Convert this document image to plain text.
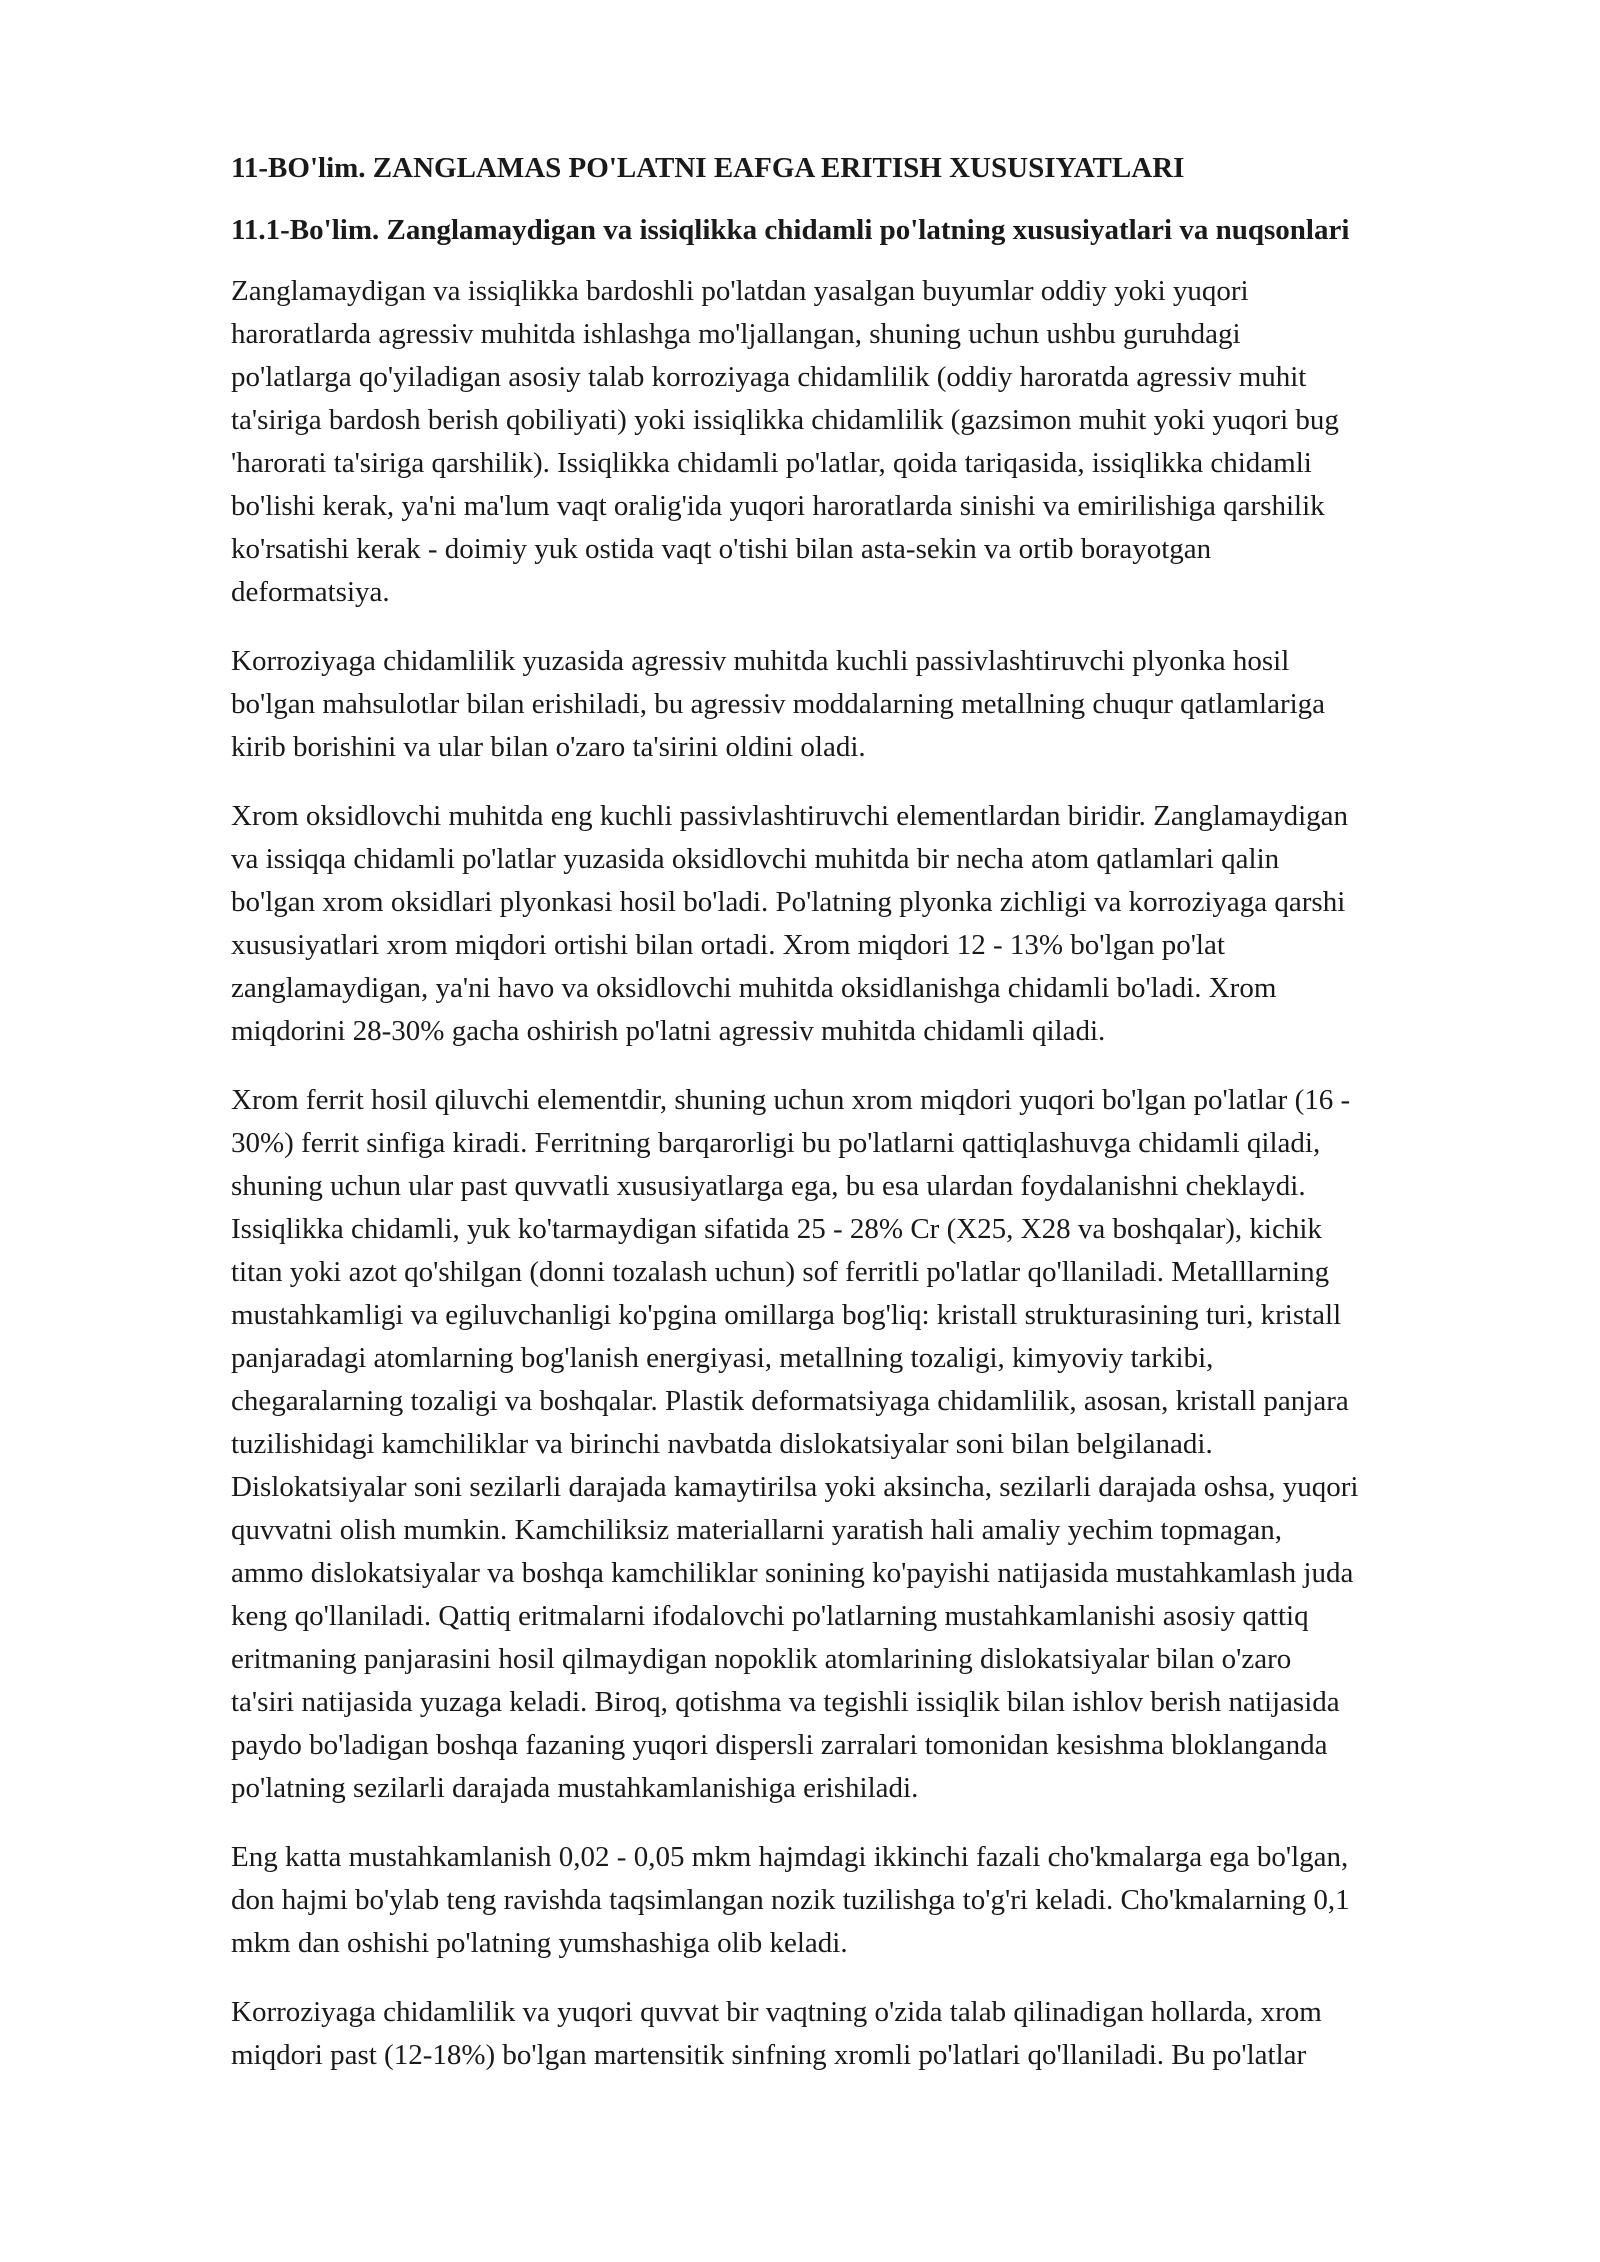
11-BO'lim. ZANGLAMAS PO'LATNI EAFGA ERITISH XUSUSIYATLARI
11.1-Bo'lim. Zanglamaydigan va issiqlikka chidamli po'latning xususiyatlari va nuqsonlari
Zanglamaydigan va issiqlikka bardoshli po'latdan yasalgan buyumlar oddiy yoki yuqori
haroratlarda agressiv muhitda ishlashga mo'ljallangan, shuning uchun ushbu guruhdagi
po'latlarga qo'yiladigan asosiy talab korroziyaga chidamlilik (oddiy haroratda agressiv muhit
ta'siriga bardosh berish qobiliyati) yoki issiqlikka chidamlilik (gazsimon muhit yoki yuqori bug
'harorati ta'siriga qarshilik). Issiqlikka chidamli po'latlar, qoida tariqasida, issiqlikka chidamli
bo'lishi kerak, ya'ni ma'lum vaqt oralig'ida yuqori haroratlarda sinishi va emirilishiga qarshilik
ko'rsatishi kerak - doimiy yuk ostida vaqt o'tishi bilan asta-sekin va ortib borayotgan
deformatsiya.
Korroziyaga chidamlilik yuzasida agressiv muhitda kuchli passivlashtiruvchi plyonka hosil
bo'lgan mahsulotlar bilan erishiladi, bu agressiv moddalarning metallning chuqur qatlamlariga
kirib borishini va ular bilan o'zaro ta'sirini oldini oladi.
Xrom oksidlovchi muhitda eng kuchli passivlashtiruvchi elementlardan biridir. Zanglamaydigan
va issiqqa chidamli po'latlar yuzasida oksidlovchi muhitda bir necha atom qatlamlari qalin
bo'lgan xrom oksidlari plyonkasi hosil bo'ladi. Po'latning plyonka zichligi va korroziyaga qarshi
xususiyatlari xrom miqdori ortishi bilan ortadi. Xrom miqdori 12 - 13% bo'lgan po'lat
zanglamaydigan, ya'ni havo va oksidlovchi muhitda oksidlanishga chidamli bo'ladi. Xrom
miqdorini 28-30% gacha oshirish po'latni agressiv muhitda chidamli qiladi.
Xrom ferrit hosil qiluvchi elementdir, shuning uchun xrom miqdori yuqori bo'lgan po'latlar (16 -
30%) ferrit sinfiga kiradi. Ferritning barqarorligi bu po'latlarni qattiqlashuvga chidamli qiladi,
shuning uchun ular past quvvatli xususiyatlarga ega, bu esa ulardan foydalanishni cheklaydi.
Issiqlikka chidamli, yuk ko'tarmaydigan sifatida 25 - 28% Cr (X25, X28 va boshqalar), kichik
titan yoki azot qo'shilgan (donni tozalash uchun) sof ferritli po'latlar qo'llaniladi. Metalllarning
mustahkamligi va egiluvchanligi ko'pgina omillarga bog'liq: kristall strukturasining turi, kristall
panjaradagi atomlarning bog'lanish energiyasi, metallning tozaligi, kimyoviy tarkibi,
chegaralarning tozaligi va boshqalar. Plastik deformatsiyaga chidamlilik, asosan, kristall panjara
tuzilishidagi kamchiliklar va birinchi navbatda dislokatsiyalar soni bilan belgilanadi.
Dislokatsiyalar soni sezilarli darajada kamaytirilsa yoki aksincha, sezilarli darajada oshsa, yuqori
quvvatni olish mumkin. Kamchiliksiz materiallarni yaratish hali amaliy yechim topmagan,
ammo dislokatsiyalar va boshqa kamchiliklar sonining ko'payishi natijasida mustahkamlash juda
keng qo'llaniladi. Qattiq eritmalarni ifodalovchi po'latlarning mustahkamlanishi asosiy qattiq
eritmaning panjarasini hosil qilmaydigan nopoklik atomlarining dislokatsiyalar bilan o'zaro
ta'siri natijasida yuzaga keladi. Biroq, qotishma va tegishli issiqlik bilan ishlov berish natijasida
paydo bo'ladigan boshqa fazaning yuqori dispersli zarralari tomonidan kesishma bloklanganda
po'latning sezilarli darajada mustahkamlanishiga erishiladi.
Eng katta mustahkamlanish 0,02 - 0,05 mkm hajmdagi ikkinchi fazali cho'kmalarga ega bo'lgan,
don hajmi bo'ylab teng ravishda taqsimlangan nozik tuzilishga to'g'ri keladi. Cho'kmalarning 0,1
mkm dan oshishi po'latning yumshashiga olib keladi.
Korroziyaga chidamlilik va yuqori quvvat bir vaqtning o'zida talab qilinadigan hollarda, xrom
miqdori past (12-18%) bo'lgan martensitik sinfning xromli po'latlari qo'llaniladi. Bu po'latlar
